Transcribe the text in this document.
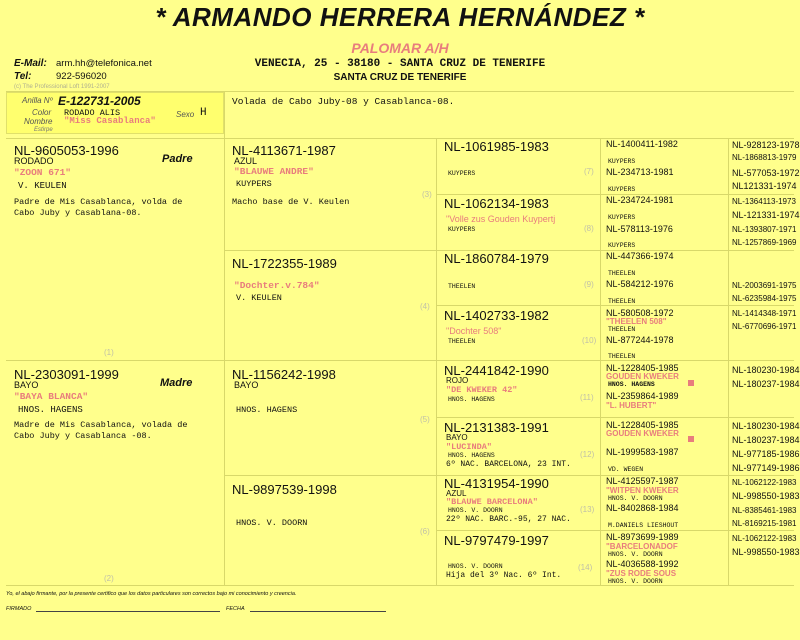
* ARMANDO HERRERA HERNÁNDEZ *
PALOMAR A/H
VENECIA, 25 - 38180 - SANTA CRUZ DE TENERIFE
SANTA CRUZ DE TENERIFE
E-Mail: arm.hh@telefonica.net
Tel:	922-596020
(c) The Professional Loft 1991-2007
Anilla Nº E-122731-2005
Color RODADO ALIS
Nombre "Miss Casablanca"
Sexo H
Estirpe
Volada de Cabo Juby-08 y Casablanca-08.
NL-9605053-1996
Padre
RODADO
"ZOON 671"
V. KEULEN
Padre de Mis Casablanca, volda de
Cabo Juby y Casablana-08.
(1)
NL-2303091-1999
Madre
BAYO
"BAYA BLANCA"
HNOS. HAGENS
Madre de Mis Casablanca, volada de
Cabo Juby y Casablanca -08.
(2)
NL-4113671-1987
AZUL
"BLAUWE ANDRE"
KUYPERS
Macho base de V. Keulen
(3)
NL-1722355-1989
"Dochter.v.784"
V. KEULEN
(4)
NL-1156242-1998
BAYO
HNOS. HAGENS
(5)
NL-9897539-1998
HNOS. V. DOORN
(6)
NL-1061985-1983
KUYPERS	(7)
NL-1062134-1983
"Volle zus Gouden Kuypertj
KUYPERS	(8)
NL-1860784-1979
THEELEN	(9)
NL-1402733-1982
"Dochter 508"
THEELEN	(10)
NL-2441842-1990
ROJO
"DE KWEKER 42"
HNOS. HAGENS	(11)
NL-2131383-1991
BAYO
"LUCINDA"
HNOS. HAGENS
6º NAC. BARCELONA, 23 INT.
(12)
NL-4131954-1990
AZUL
"BLAUWE BARCELONA"
HNOS. V. DOORN
22º NAC. BARC.-95, 27 NAC.
(13)
NL-9797479-1997
HNOS. V. DOORN
Hija del 3º Nac. 6º Int.
(14)
NL-1400411-1982
KUYPERS
NL-234713-1981
NL-234724-1981
KUYPERS
NL-578113-1976
KUYPERS
KUYPERS
NL-447366-1974
THEELEN
NL-584212-1976
THEELEN
NL-580508-1972
"THEELEN 508"
THEELEN
NL-877244-1978
THEELEN
NL-1228405-1985
GOUDEN KWEKER
HNOS. HAGENS
NL-2359864-1989
"L. HUBERT"
NL-1228405-1985
GOUDEN KWEKER
NL-1999583-1987
VD. WEGEN
NL-4125597-1987
"WITPEN KWEKER
HNOS. V. DOORN
NL-8402868-1984
M.DANIELS LIESHOUT
NL-8973699-1989
"BARCELONADOF
HNOS. V. DOORN
NL-4036588-1992
"ZUS RODE SOUS
HNOS. V. DOORN
NL-928123-1978
NL-1868813-1979
NL-577053-1972
NL121331-1974
NL-1364113-1973
NL-121331-1974
NL-1393807-1971
NL-1257869-1969
NL-2003691-1975
NL-6235984-1975
NL-1414348-1971
NL-6770696-1971
NL-180230-1984
NL-180237-1984
NL-180230-1984
NL-180237-1984
NL-977185-1986
NL-977149-1986
NL-1062122-1983
NL-998550-1983
NL-8385461-1983
NL-8169215-1981
NL-1062122-1983
NL-998550-1983
Yo, el abajo firmante, por la presente certifico que los datos particulares son correctos bajo mi conocimiento y creencia.
FIRMADO	FECHA
